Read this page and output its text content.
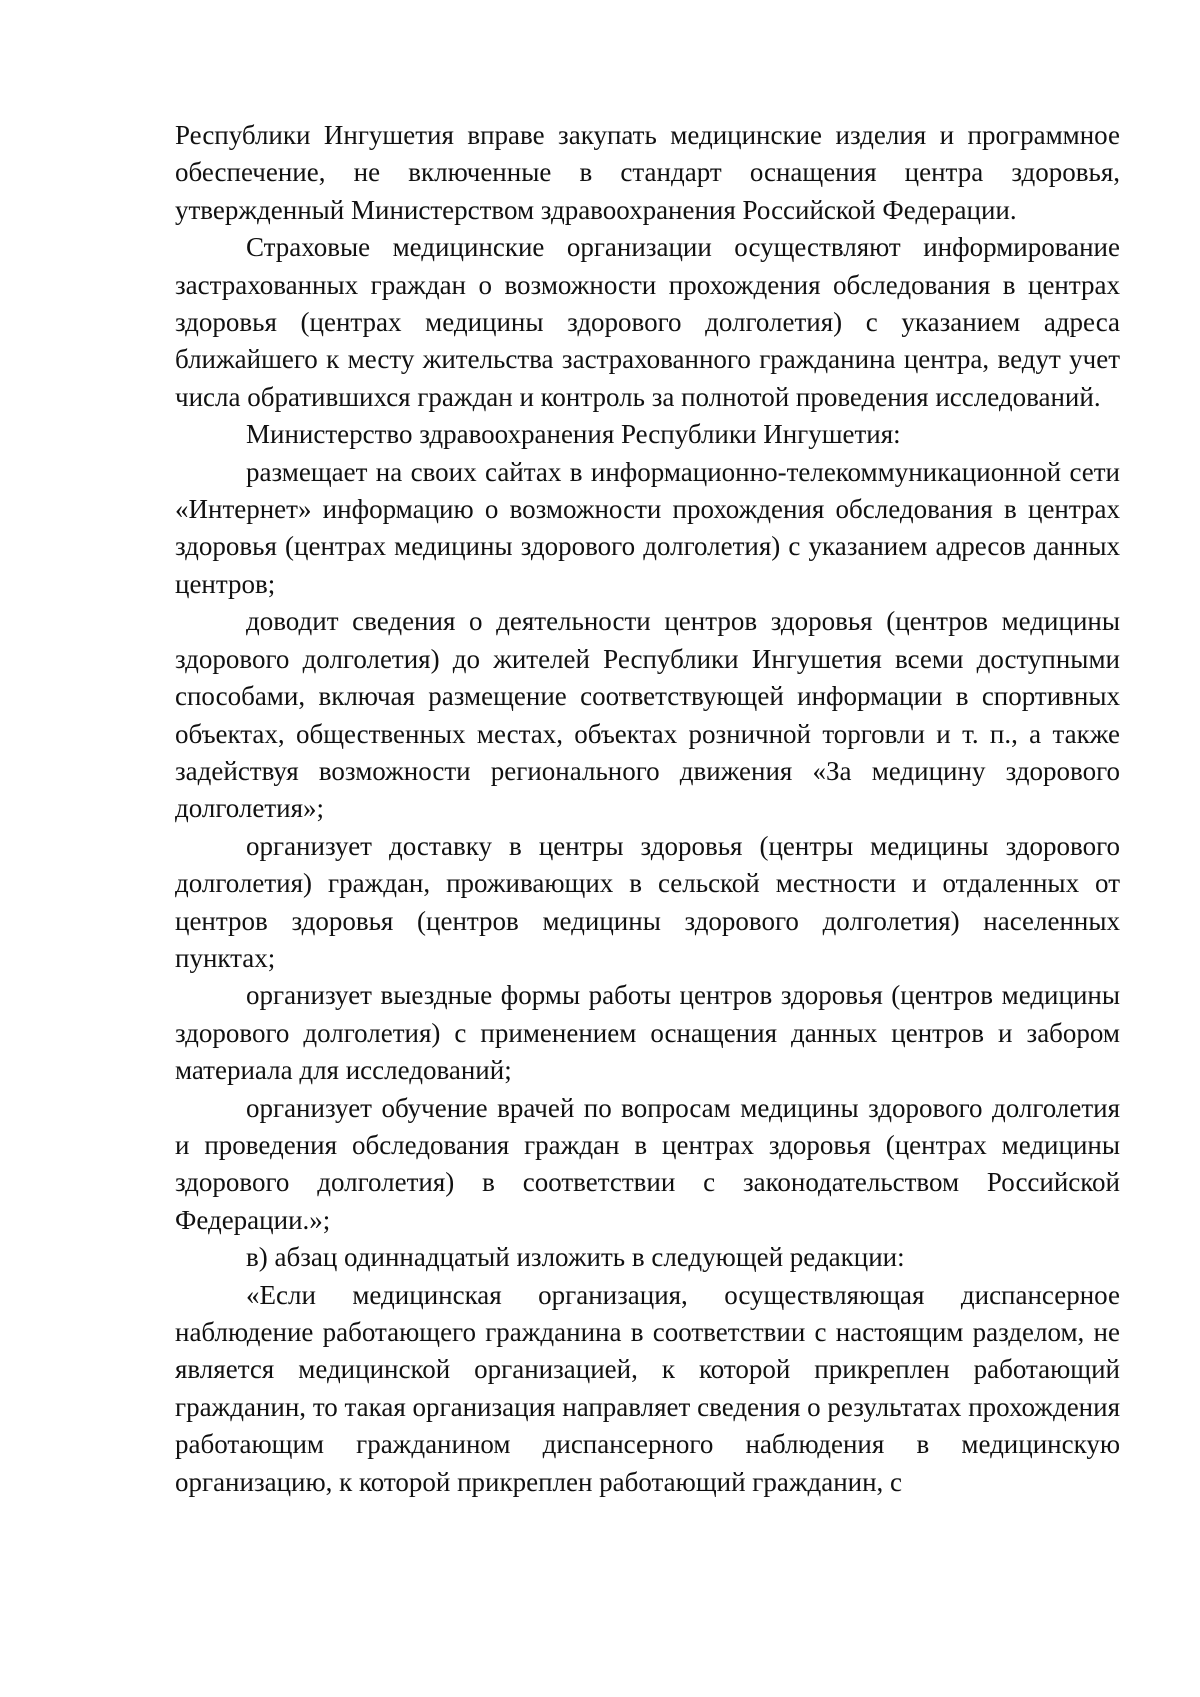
Республики Ингушетия вправе закупать медицинские изделия и программное обеспечение, не включенные в стандарт оснащения центра здоровья, утвержденный Министерством здравоохранения Российской Федерации.

Страховые медицинские организации осуществляют информирование застрахованных граждан о возможности прохождения обследования в центрах здоровья (центрах медицины здорового долголетия) с указанием адреса ближайшего к месту жительства застрахованного гражданина центра, ведут учет числа обратившихся граждан и контроль за полнотой проведения исследований.

Министерство здравоохранения Республики Ингушетия:

размещает на своих сайтах в информационно-телекоммуникационной сети «Интернет» информацию о возможности прохождения обследования в центрах здоровья (центрах медицины здорового долголетия) с указанием адресов данных центров;

доводит сведения о деятельности центров здоровья (центров медицины здорового долголетия) до жителей Республики Ингушетия всеми доступными способами, включая размещение соответствующей информации в спортивных объектах, общественных местах, объектах розничной торговли и т. п., а также задействуя возможности регионального движения «За медицину здорового долголетия»;

организует доставку в центры здоровья (центры медицины здорового долголетия) граждан, проживающих в сельской местности и отдаленных от центров здоровья (центров медицины здорового долголетия) населенных пунктах;

организует выездные формы работы центров здоровья (центров медицины здорового долголетия) с применением оснащения данных центров и забором материала для исследований;

организует обучение врачей по вопросам медицины здорового долголетия и проведения обследования граждан в центрах здоровья (центрах медицины здорового долголетия) в соответствии с законодательством Российской Федерации.»;

в) абзац одиннадцатый изложить в следующей редакции:

«Если медицинская организация, осуществляющая диспансерное наблюдение работающего гражданина в соответствии с настоящим разделом, не является медицинской организацией, к которой прикреплен работающий гражданин, то такая организация направляет сведения о результатах прохождения работающим гражданином диспансерного наблюдения в медицинскую организацию, к которой прикреплен работающий гражданин, с
